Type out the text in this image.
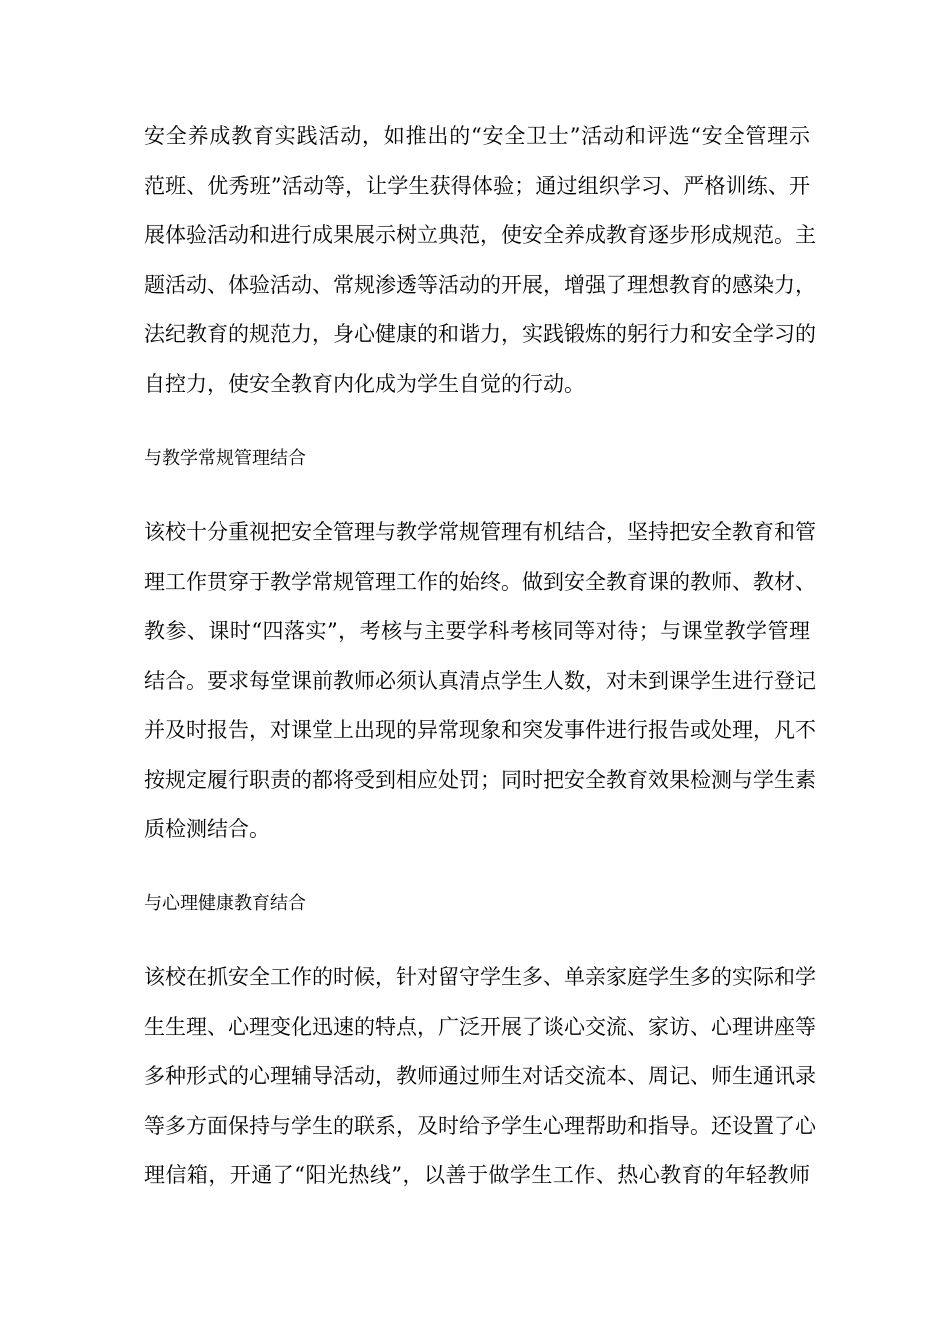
安全养成教育实践活动，如推出的“安全卫士”活动和评选“安全管理示
范班、优秀班”活动等，让学生获得体验；通过组织学习、严格训练、开
展体验活动和进行成果展示树立典范，使安全养成教育逐步形成规范。主
题活动、体验活动、常规渗透等活动的开展，增强了理想教育的感染力，
法纪教育的规范力，身心健康的和谐力，实践锻炼的躬行力和安全学习的
自控力，使安全教育内化成为学生自觉的行动。
与教学常规管理结合
该校十分重视把安全管理与教学常规管理有机结合，坚持把安全教育和管
理工作贯穿于教学常规管理工作的始终。做到安全教育课的教师、教材、
教参、课时“四落实”，考核与主要学科考核同等对待；与课堂教学管理
结合。要求每堂课前教师必须认真清点学生人数，对未到课学生进行登记
并及时报告，对课堂上出现的异常现象和突发事件进行报告或处理，凡不
按规定履行职责的都将受到相应处罚；同时把安全教育效果检测与学生素
质检测结合。
与心理健康教育结合
该校在抓安全工作的时候，针对留守学生多、单亲家庭学生多的实际和学
生生理、心理变化迅速的特点，广泛开展了谈心交流、家访、心理讲座等
多种形式的心理辅导活动，教师通过师生对话交流本、周记、师生通讯录
等多方面保持与学生的联系，及时给予学生心理帮助和指导。还设置了心
理信箱，开通了“阳光热线”，以善于做学生工作、热心教育的年轻教师
